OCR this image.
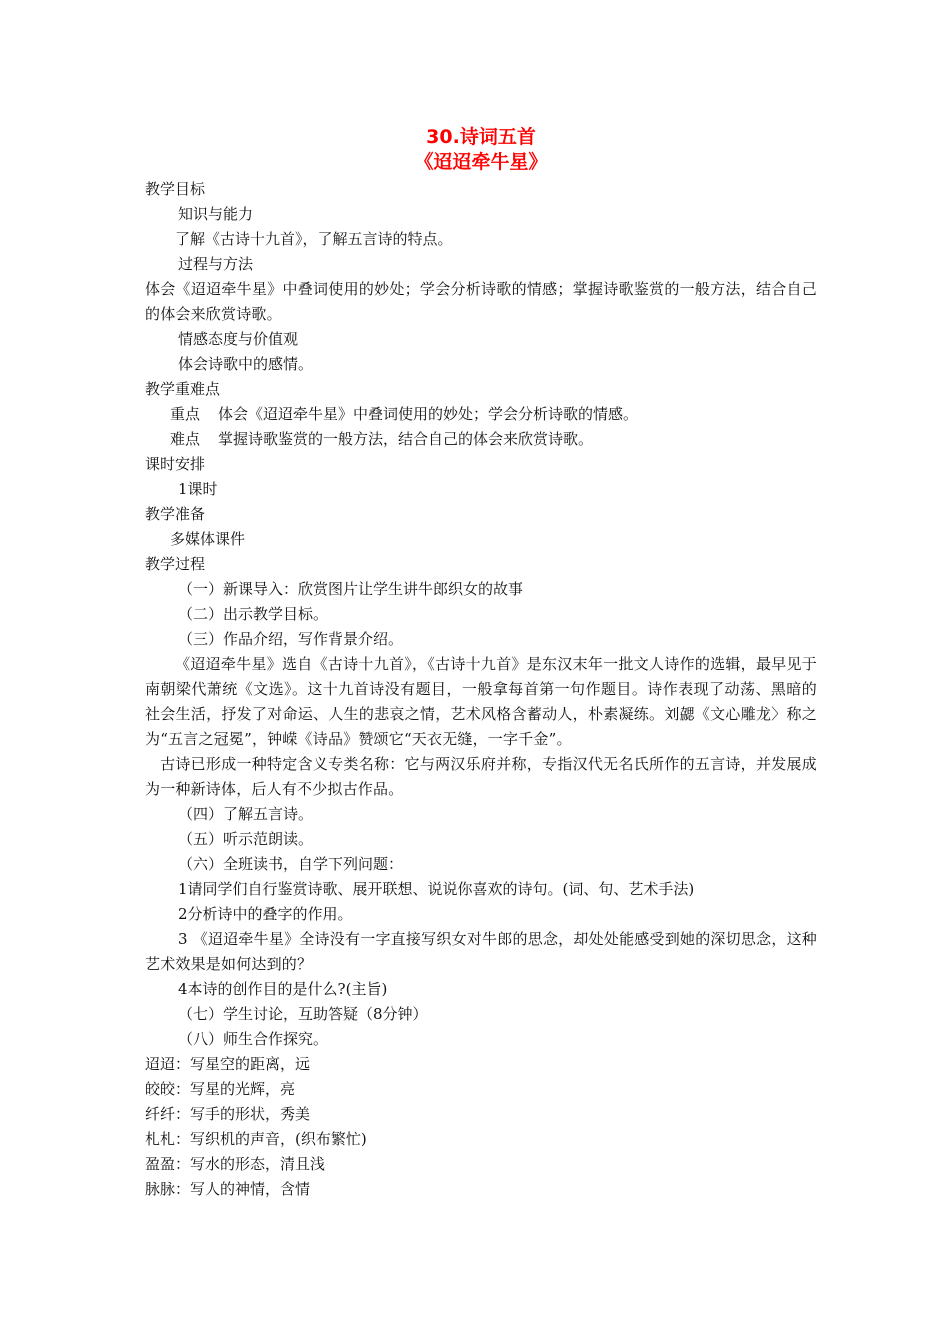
30.诗词五首
《迢迢牵牛星》
教学目标
知识与能力
了解《古诗十九首》，了解五言诗的特点。
过程与方法
体会《迢迢牵牛星》中叠词使用的妙处；学会分析诗歌的情感；掌握诗歌鉴赏的一般方法，结合自己的体会来欣赏诗歌。
情感态度与价值观
体会诗歌中的感情。
教学重难点
重点 体会《迢迢牵牛星》中叠词使用的妙处；学会分析诗歌的情感。
难点 掌握诗歌鉴赏的一般方法，结合自己的体会来欣赏诗歌。
课时安排
1课时
教学准备
多媒体课件
教学过程
（一）新课导入：欣赏图片让学生讲牛郎织女的故事
（二）出示教学目标。
（三）作品介绍，写作背景介绍。
《迢迢牵牛星》选自《古诗十九首》，《古诗十九首》是东汉末年一批文人诗作的选辑，最早见于南朝梁代萧统《文选》。这十九首诗没有题目，一般拿每首第一句作题目。诗作表现了动荡、黑暗的社会生活，抒发了对命运、人生的悲哀之情，艺术风格含蓄动人，朴素凝练。刘勰《文心雕龙〉称之为“五言之冠冕”，钟嵘《诗品》赞颂它“天衣无缝，一字千金”。
古诗已形成一种特定含义专类名称：它与两汉乐府并称，专指汉代无名氏所作的五言诗，并发展成为一种新诗体，后人有不少拟古作品。
（四）了解五言诗。
（五）听示范朗读。
（六）全班读书，自学下列问题：
1请同学们自行鉴赏诗歌、展开联想、说说你喜欢的诗句。(词、句、艺术手法)
2分析诗中的叠字的作用。
3 《迢迢牵牛星》全诗没有一字直接写织女对牛郎的思念，却处处能感受到她的深切思念，这种艺术效果是如何达到的？
4本诗的创作目的是什么?(主旨)
（七）学生讨论，互助答疑（8分钟）
（八）师生合作探究。
迢迢：写星空的距离，远
皎皎：写星的光辉，亮
纤纤：写手的形状，秀美
札札：写织机的声音，(织布繁忙)
盈盈：写水的形态，清且浅
脉脉：写人的神情，含情
